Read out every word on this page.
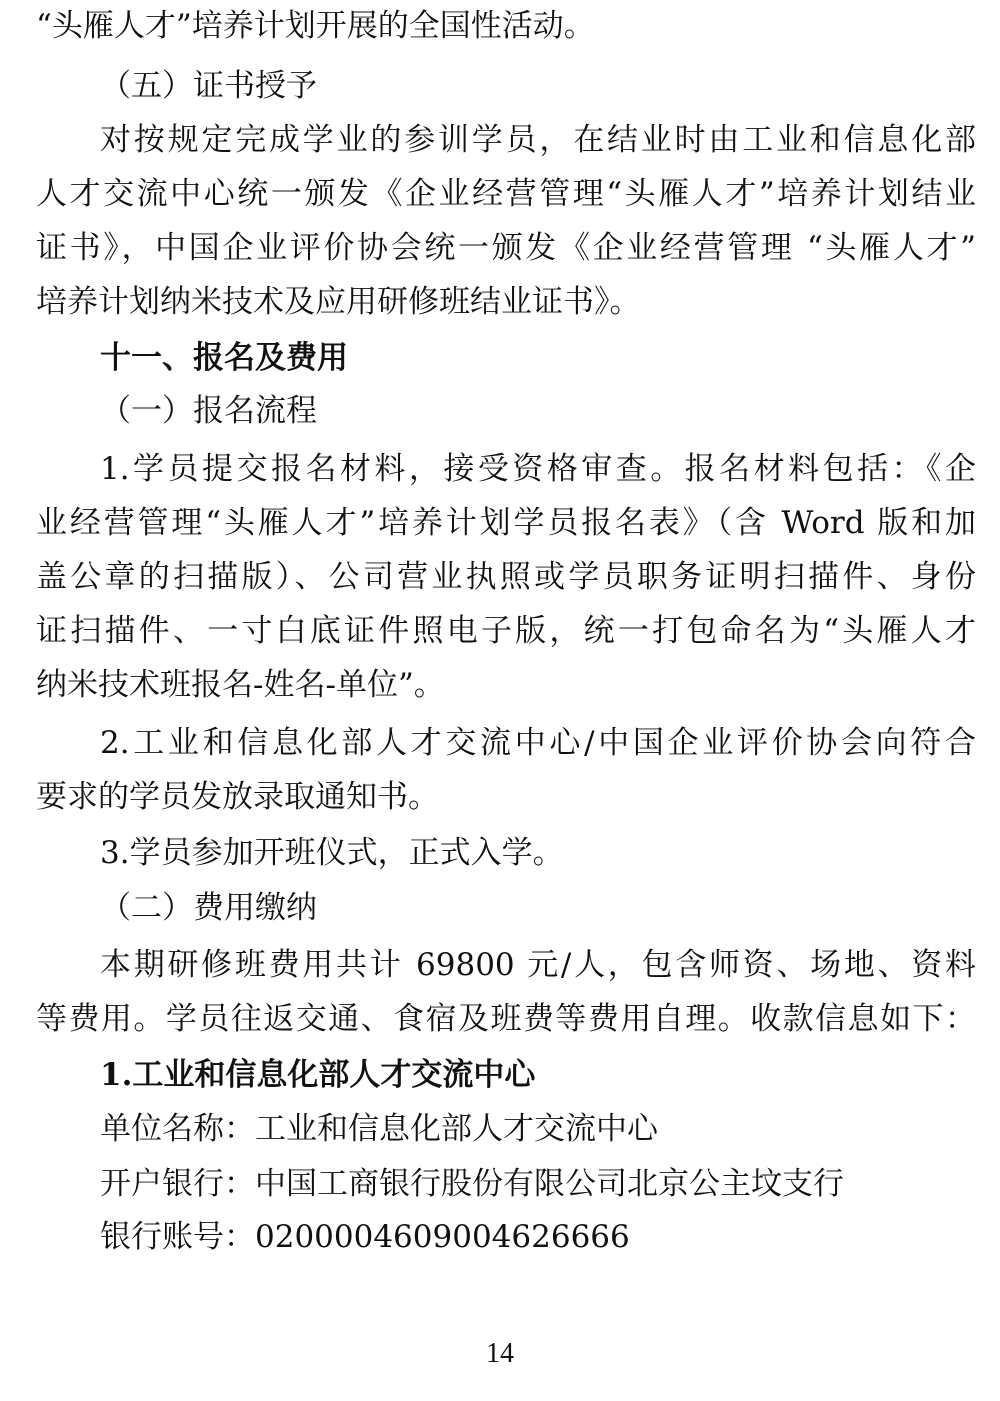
“头雁人才”培养计划开展的全国性活动。
（五）证书授予
对按规定完成学业的参训学员，在结业时由工业和信息化部
人才交流中心统一颁发《企业经营管理“头雁人才”培养计划结业
证书》，中国企业评价协会统一颁发《企业经营管理 “头雁人才”
培养计划纳米技术及应用研修班结业证书》。
十一、报名及费用
（一）报名流程
1.学员提交报名材料，接受资格审查。报名材料包括：《企
业经营管理“头雁人才”培养计划学员报名表》（含 Word 版和加
盖公章的扫描版）、公司营业执照或学员职务证明扫描件、身份
证扫描件、一寸白底证件照电子版，统一打包命名为“头雁人才
纳米技术班报名-姓名-单位”。
2.工业和信息化部人才交流中心/中国企业评价协会向符合
要求的学员发放录取通知书。
3.学员参加开班仪式，正式入学。
（二）费用缴纳
本期研修班费用共计 69800 元/人，包含师资、场地、资料
等费用。学员往返交通、食宿及班费等费用自理。收款信息如下：
1.工业和信息化部人才交流中心
单位名称：工业和信息化部人才交流中心
开户银行：中国工商银行股份有限公司北京公主坟支行
银行账号：0200004609004626666
14
